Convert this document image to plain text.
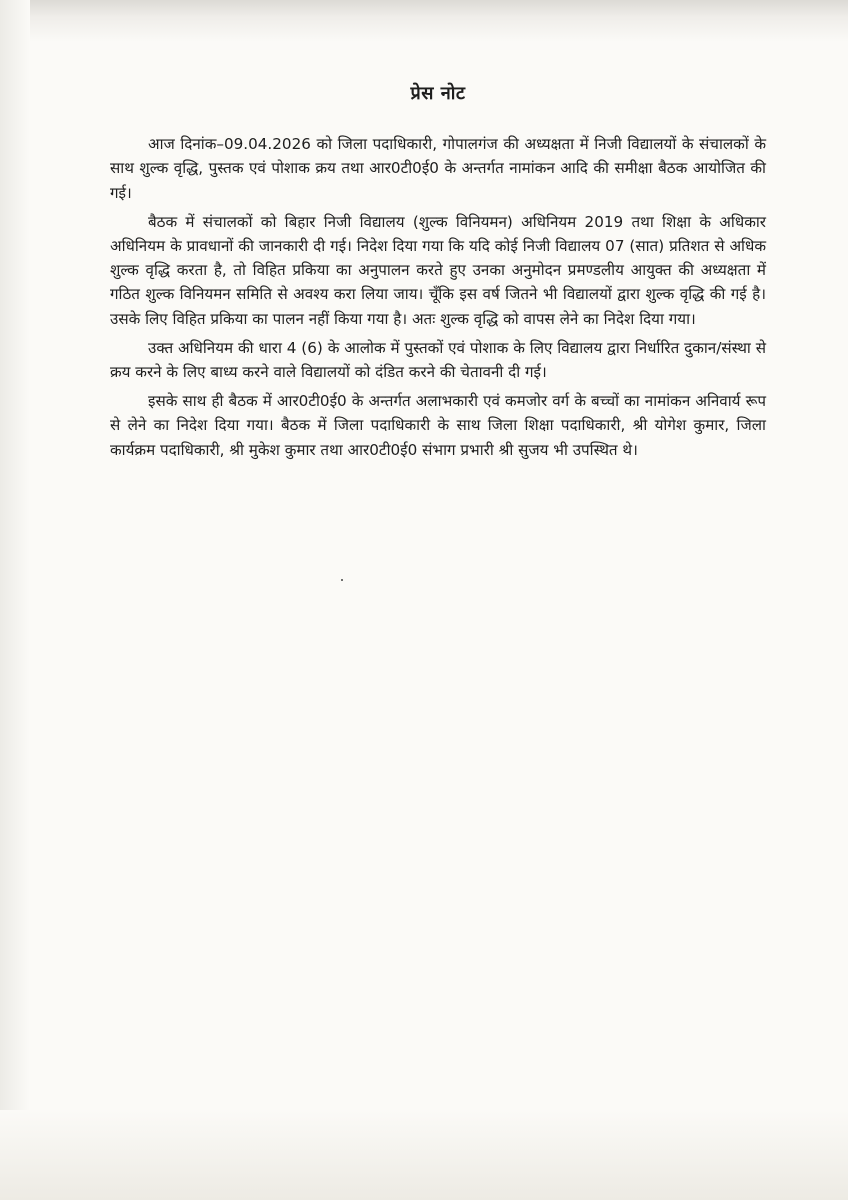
प्रेस नोट

आज दिनांक–09.04.2026 को जिला पदाधिकारी, गोपालगंज की अध्यक्षता में निजी विद्यालयों के संचालकों के साथ शुल्क वृद्धि, पुस्तक एवं पोशाक क्रय तथा आर0टी0ई0 के अन्तर्गत नामांकन आदि की समीक्षा बैठक आयोजित की गई।

बैठक में संचालकों को बिहार निजी विद्यालय (शुल्क विनियमन) अधिनियम 2019 तथा शिक्षा के अधिकार अधिनियम के प्रावधानों की जानकारी दी गई। निदेश दिया गया कि यदि कोई निजी विद्यालय 07 (सात) प्रतिशत से अधिक शुल्क वृद्धि करता है, तो विहित प्रकिया का अनुपालन करते हुए उनका अनुमोदन प्रमण्डलीय आयुक्त की अध्यक्षता में गठित शुल्क विनियमन समिति से अवश्य करा लिया जाय। चूँकि इस वर्ष जितने भी विद्यालयों द्वारा शुल्क वृद्धि की गई है। उसके लिए विहित प्रकिया का पालन नहीं किया गया है। अतः शुल्क वृद्धि को वापस लेने का निदेश दिया गया।

उक्त अधिनियम की धारा 4 (6) के आलोक में पुस्तकों एवं पोशाक के लिए विद्यालय द्वारा निर्धारित दुकान/संस्था से क्रय करने के लिए बाध्य करने वाले विद्यालयों को दंडित करने की चेतावनी दी गई।

इसके साथ ही बैठक में आर0टी0ई0 के अन्तर्गत अलाभकारी एवं कमजोर वर्ग के बच्चों का नामांकन अनिवार्य रूप से लेने का निदेश दिया गया। बैठक में जिला पदाधिकारी के साथ जिला शिक्षा पदाधिकारी, श्री योगेश कुमार, जिला कार्यक्रम पदाधिकारी, श्री मुकेश कुमार तथा आर0टी0ई0 संभाग प्रभारी श्री सुजय भी उपस्थित थे।
